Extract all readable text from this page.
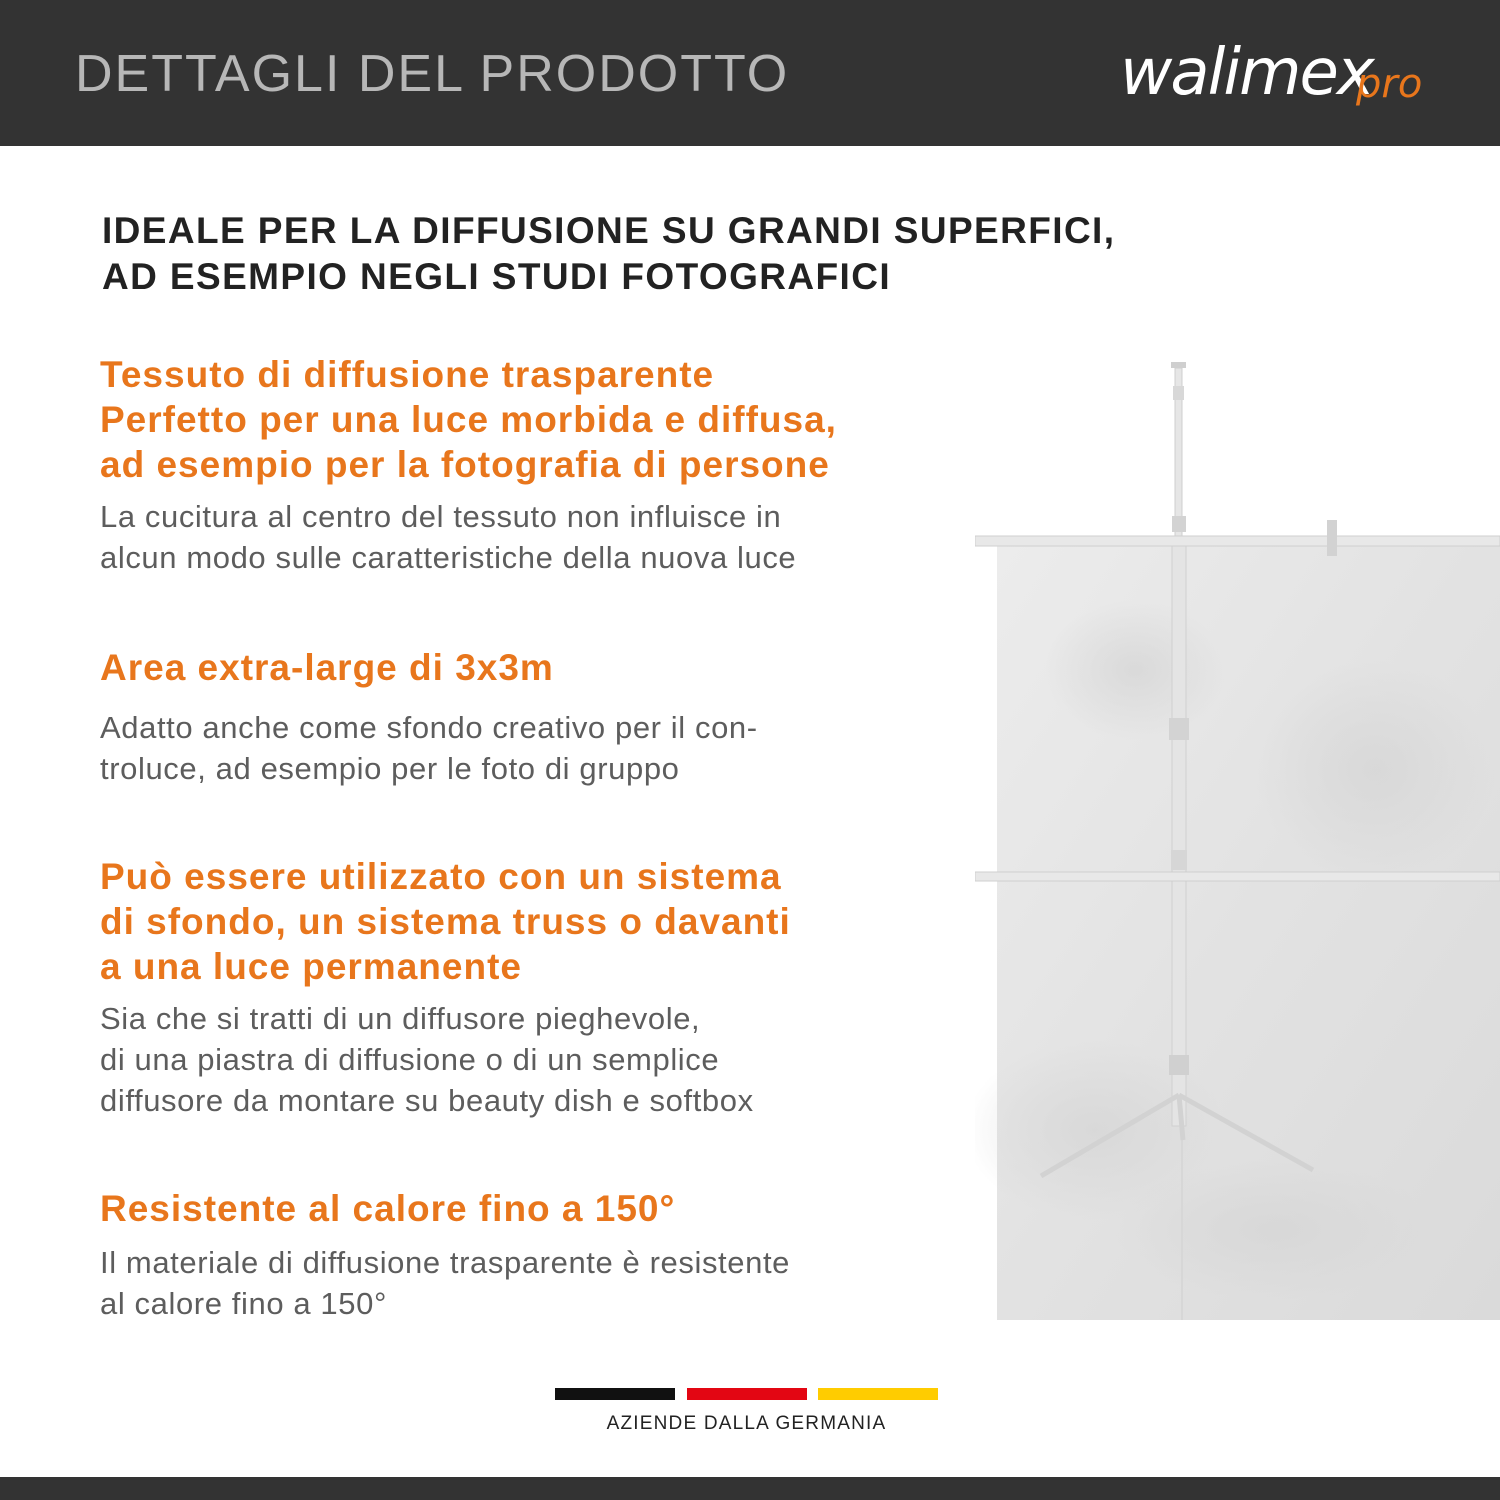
DETTAGLI DEL PRODOTTO	walimex
pro
IDEALE PER LA DIFFUSIONE SU GRANDI SUPERFICI,
AD ESEMPIO NEGLI STUDI FOTOGRAFICI
Tessuto di diffusione trasparente
Perfetto per una luce morbida e diffusa,
ad esempio per la fotografia di persone

La cucitura al centro del tessuto non influisce in
alcun modo sulle caratteristiche della nuova luce

Area extra-large di 3x3m

Adatto anche come sfondo creativo per il con-
troluce, ad esempio per le foto di gruppo

Può essere utilizzato con un sistema
di sfondo, un sistema truss o davanti
a una luce permanente

Sia che si tratti di un diffusore pieghevole,
di una piastra di diffusione o di un semplice
diffusore da montare su beauty dish e softbox

Resistente al calore fino a 150°

Il materiale di diffusione trasparente è resistente
al calore fino a 150°

AZIENDE DALLA GERMANIA
